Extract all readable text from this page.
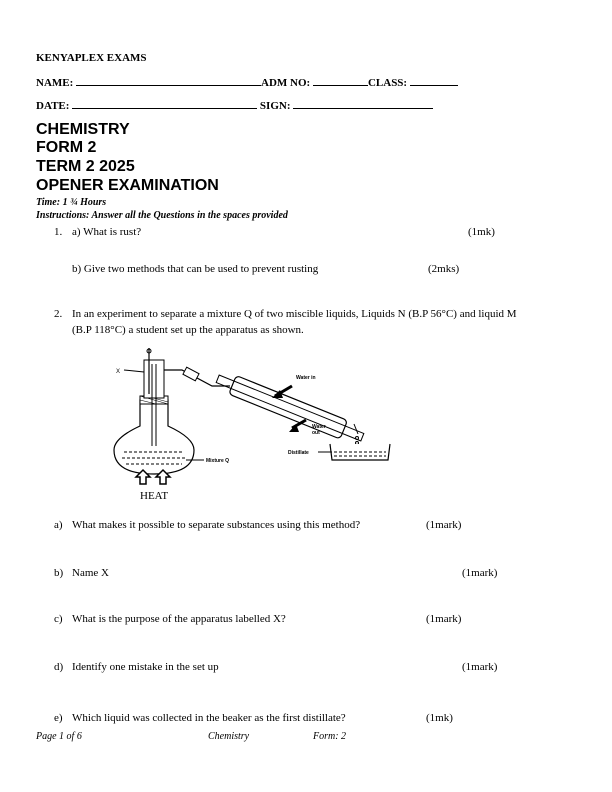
KENYAPLEX EXAMS
NAME:	ADM NO:	CLASS:
DATE:	SIGN:
CHEMISTRY
FORM 2
TERM 2 2025
OPENER EXAMINATION
Time: 1 ¾ Hours
Instructions: Answer all the Questions in the spaces provided
1. a) What is rust?	(1mk)
b) Give two methods that can be used to prevent rusting	(2mks)
2. In an experiment to separate a mixture Q of two miscible liquids, Liquids N (B.P 56°C) and liquid M
(B.P 118°C) a student set up the apparatus as shown.
X
Water in
Water out
Distillate
Mixture Q
HEAT
a) What makes it possible to separate substances using this method?	(1mark)
b) Name X	(1mark)
c) What is the purpose of the apparatus labelled X?	(1mark)
d) Identify one mistake in the set up	(1mark)
e) Which liquid was collected in the beaker as the first distillate?	(1mk)
Page 1 of 6	Chemistry	Form: 2
